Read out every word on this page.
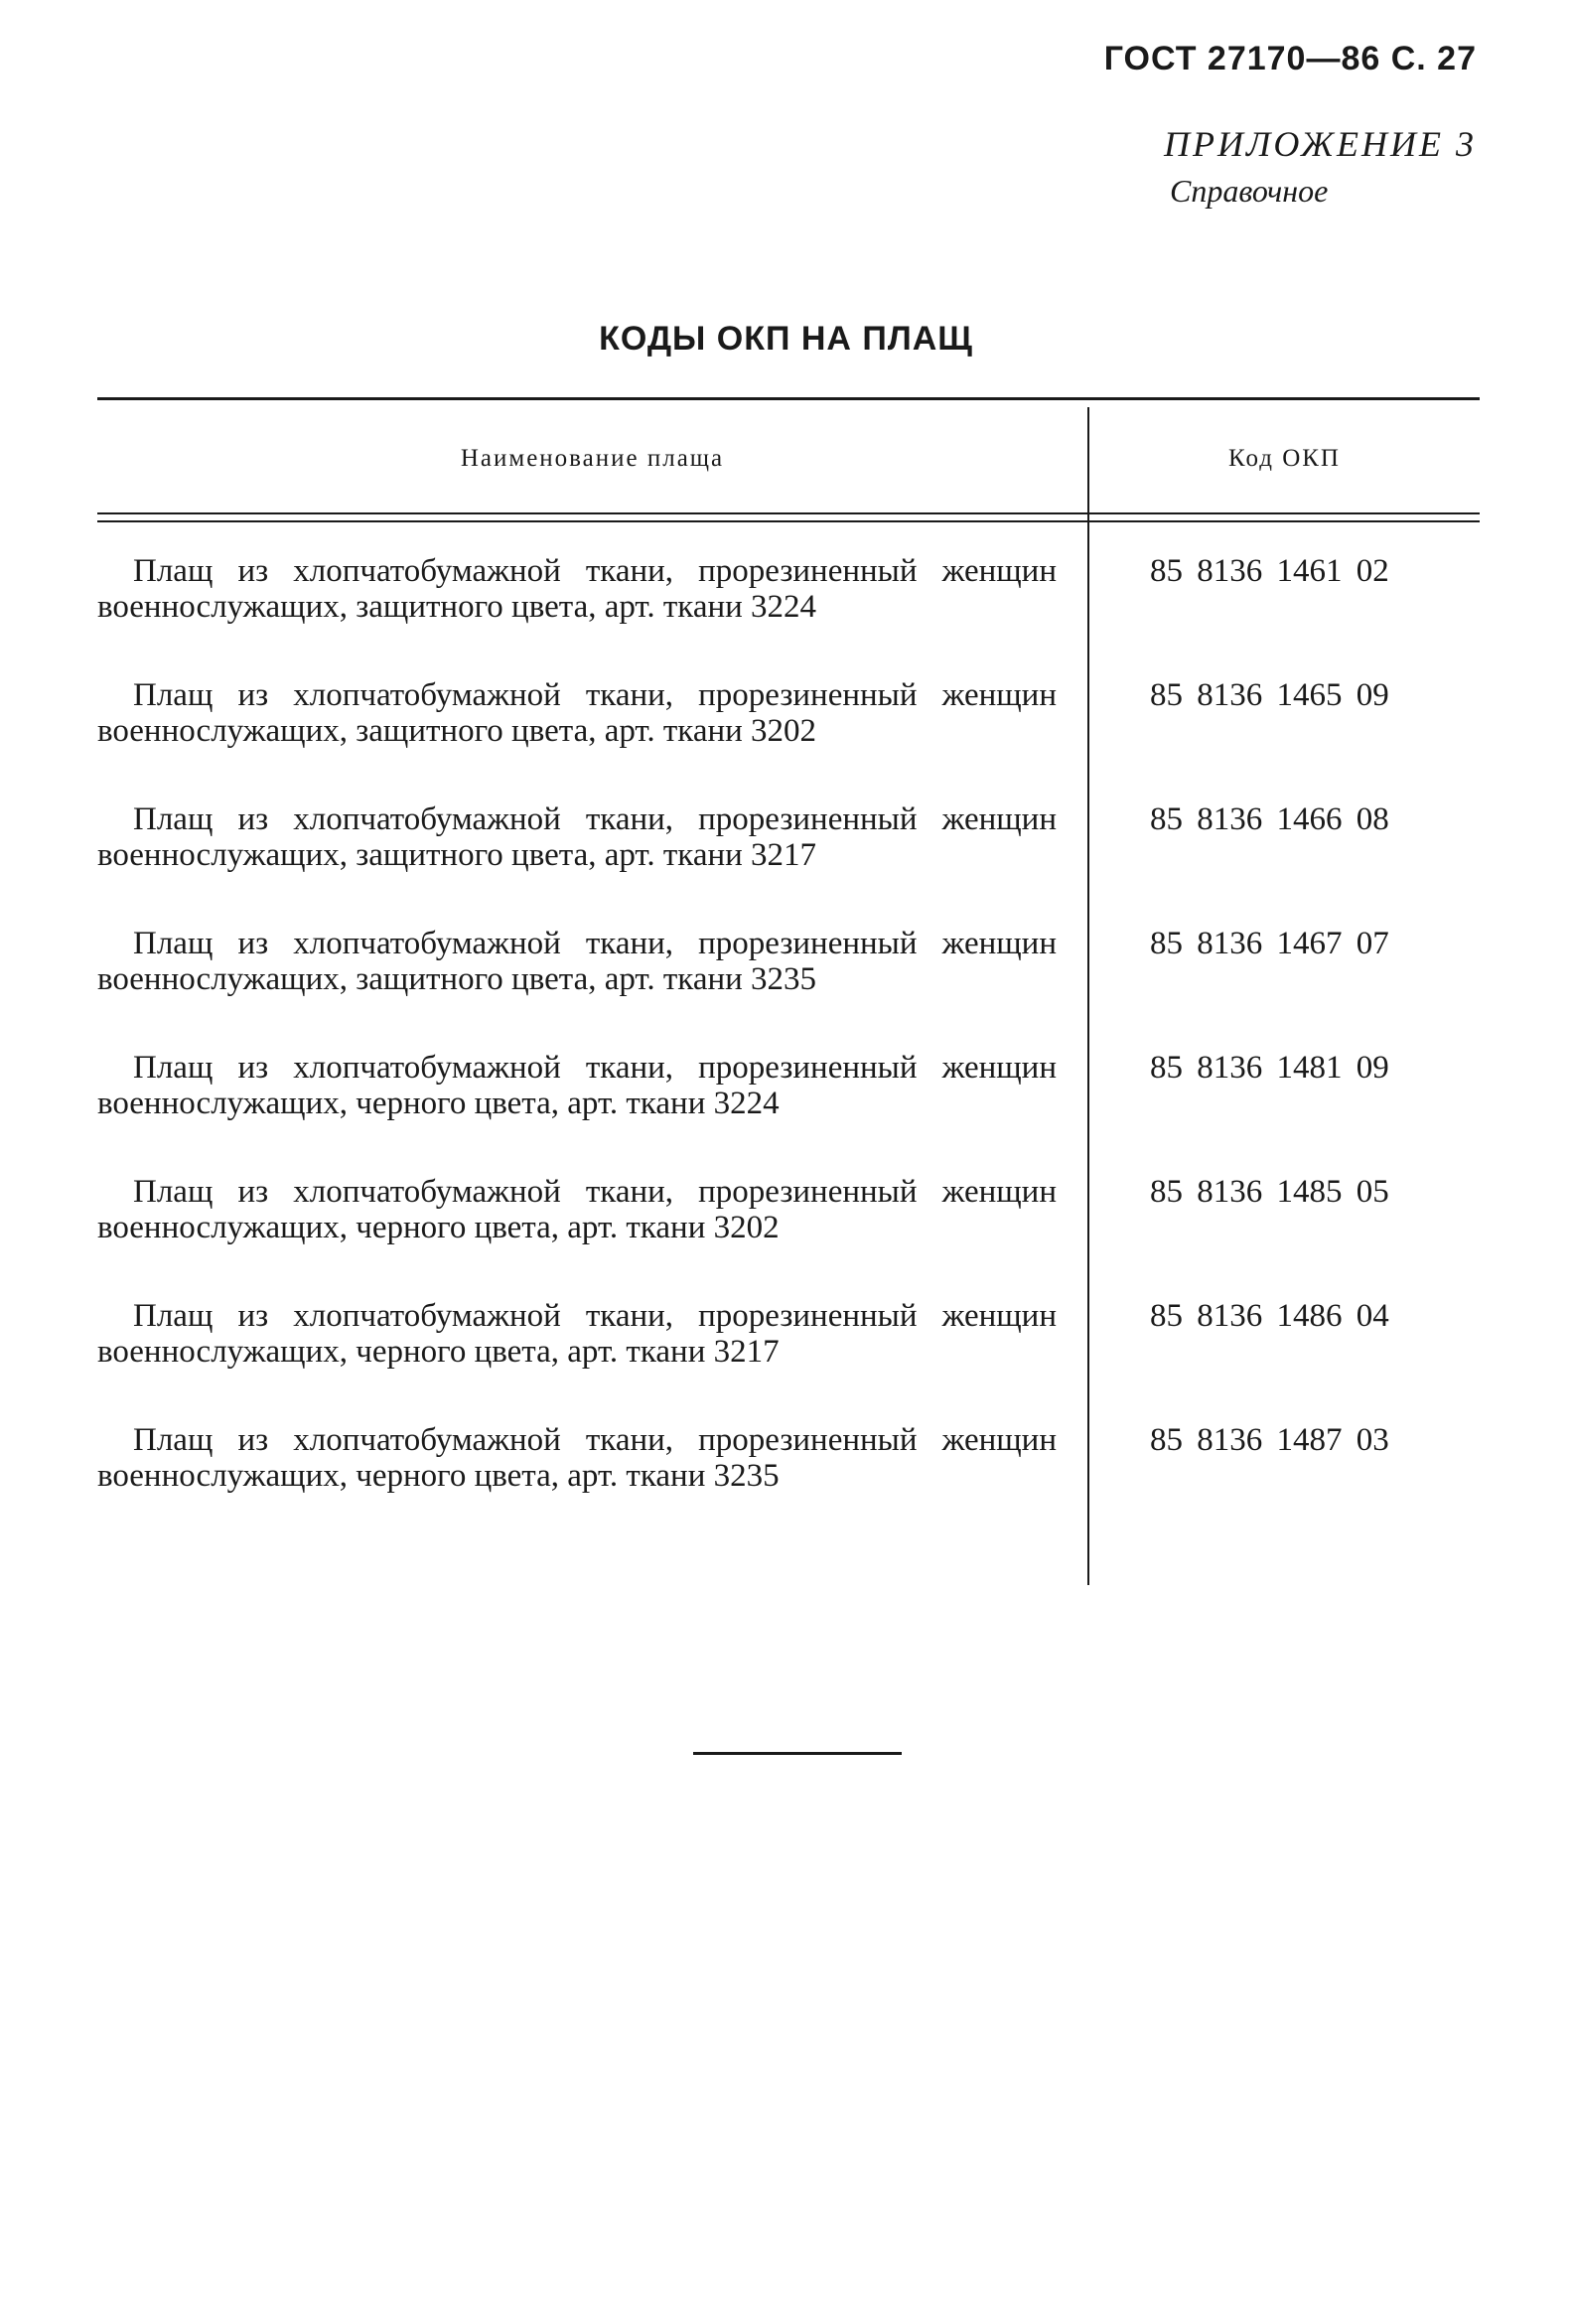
ГОСТ 27170—86 С. 27
ПРИЛОЖЕНИЕ 3
Справочное
КОДЫ ОКП НА ПЛАЩ
Наименование плаща	Код ОКП
Плащ из хлопчатобумажной ткани, прорезиненный женщин военнослужащих, защитного цвета, арт. ткани 3224
85 8136 1461 02
Плащ из хлопчатобумажной ткани, прорезиненный женщин военнослужащих, защитного цвета, арт. ткани 3202
85 8136 1465 09
Плащ из хлопчатобумажной ткани, прорезиненный женщин военнослужащих, защитного цвета, арт. ткани 3217
85 8136 1466 08
Плащ из хлопчатобумажной ткани, прорезиненный женщин военнослужащих, защитного цвета, арт. ткани 3235
85 8136 1467 07
Плащ из хлопчатобумажной ткани, прорезиненный женщин военнослужащих, черного цвета, арт. ткани 3224
85 8136 1481 09
Плащ из хлопчатобумажной ткани, прорезиненный женщин военнослужащих, черного цвета, арт. ткани 3202
85 8136 1485 05
Плащ из хлопчатобумажной ткани, прорезиненный женщин военнослужащих, черного цвета, арт. ткани 3217
85 8136 1486 04
Плащ из хлопчатобумажной ткани, прорезиненный женщин военнослужащих, черного цвета, арт. ткани 3235
85 8136 1487 03
